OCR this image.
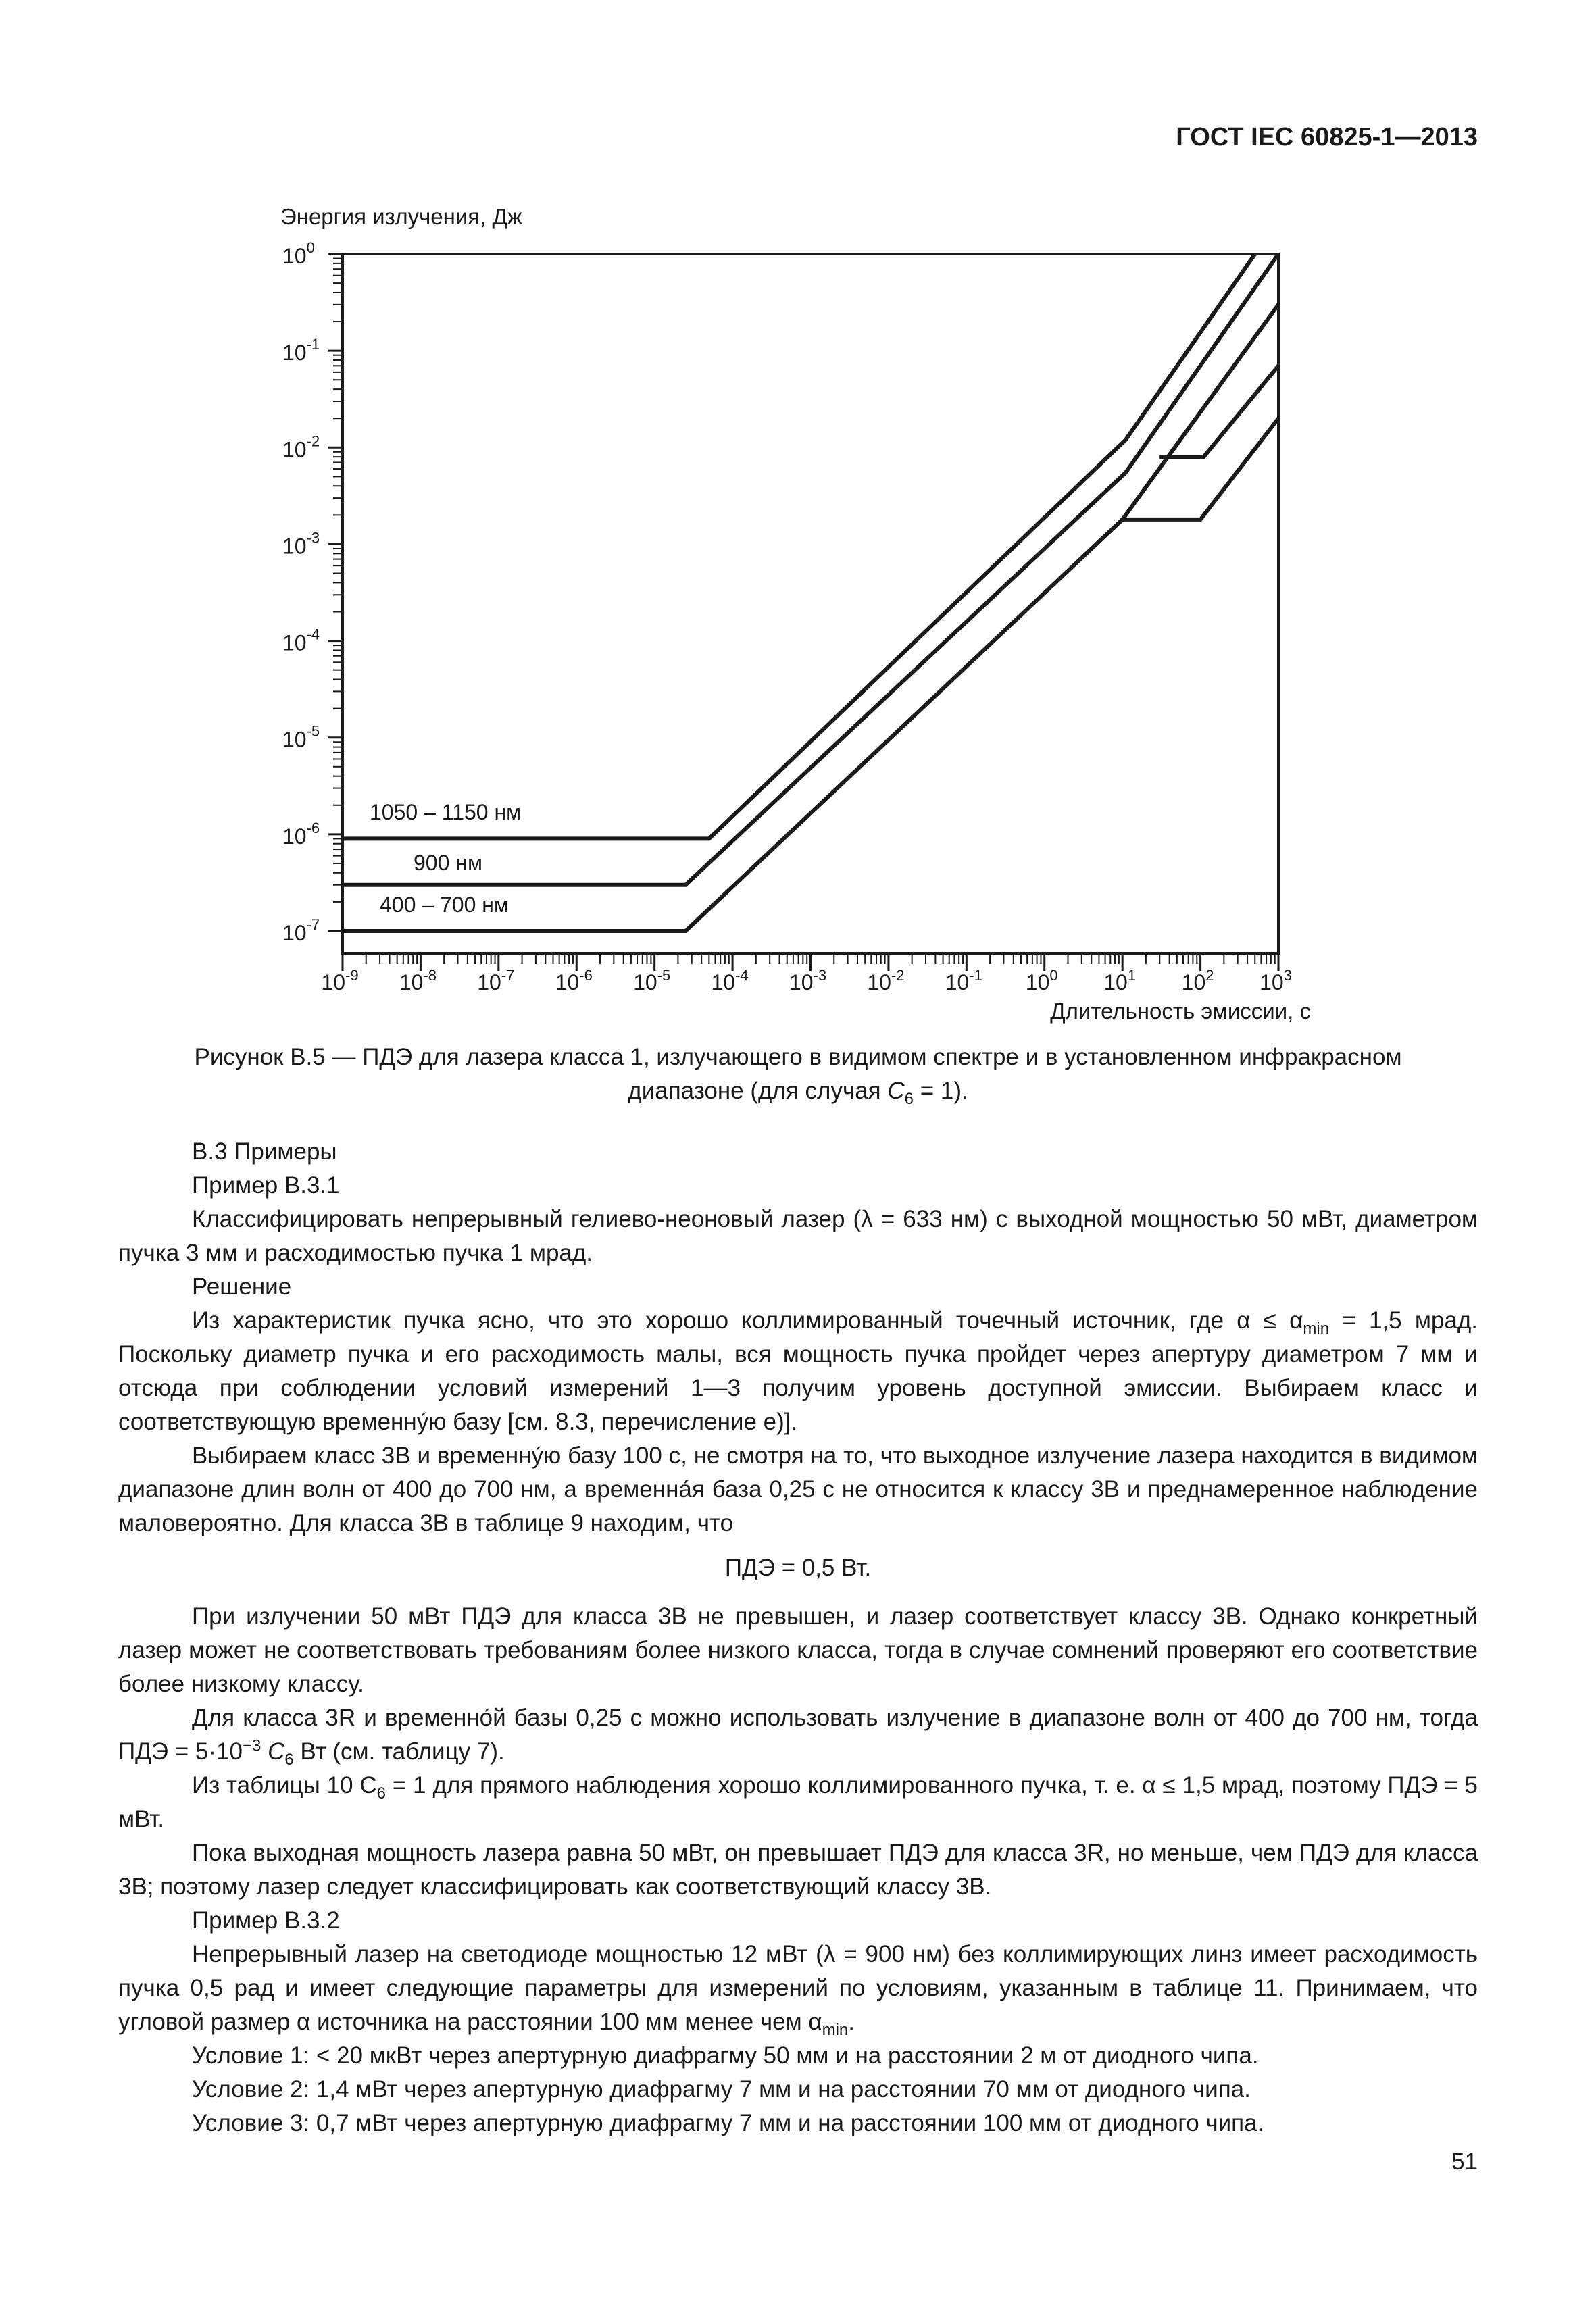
ГОСТ IEC 60825-1—2013
Энергия излучения, Дж
Длительность эмиссии, с
$10^{-9}$ $10^{-8}$ $10^{-7}$ $10^{-6}$ $10^{-5}$ $10^{-4}$ $10^{-3}$ $10^{-2}$ $10^{-1}$ $10^0$ $10^1$ $10^2$ $10^3$
$10^0$
$10^{-1}$
$10^{-2}$
$10^{-3}$
$10^{-4}$
$10^{-5}$
$10^{-6}$
$10^{-7}$
1050 – 1150 нм
900 нм
400 – 700 нм
Рисунок В.5 — ПДЭ для лазера класса 1, излучающего в видимом спектре и в установленном инфракрасном
диапазоне (для случая $C_6 = 1$).

В.3 Примеры

Пример В.3.1

Классифицировать непрерывный гелиево-неоновый лазер (λ = 633 нм) с выходной мощностью 50 мВт, диаметром пучка 3 мм и расходимостью пучка 1 мрад.

Решение

Из характеристик пучка ясно, что это хорошо коллимированный точечный источник, где $\alpha \le \alpha_{min} = 1,5$ мрад. Поскольку диаметр пучка и его расходимость малы, вся мощность пучка пройдет через апертуру диаметром 7 мм и отсюда при соблюдении условий измерений 1—3 получим уровень доступной эмиссии. Выбираем класс и соответствующую временну́ю базу [см. 8.3, перечисление е)].

Выбираем класс 3В и временну́ю базу 100 с, не смотря на то, что выходное излучение лазера находится в видимом диапазоне длин волн от 400 до 700 нм, а временна́я база 0,25 с не относится к классу 3В и преднамеренное наблюдение маловероятно. Для класса 3В в таблице 9 находим, что

ПДЭ = 0,5 Вт.

При излучении 50 мВт ПДЭ для класса 3В не превышен, и лазер соответствует классу 3В. Однако конкретный лазер может не соответствовать требованиям более низкого класса, тогда в случае сомнений проверяют его соответствие более низкому классу.

Для класса 3R и временно́й базы 0,25 с можно использовать излучение в диапазоне волн от 400 до 700 нм, тогда ПДЭ = $5\cdot 10^{-3}$ $C_6$ Вт (см. таблицу 7).

Из таблицы 10 $C_6 = 1$ для прямого наблюдения хорошо коллимированного пучка, т. е. α ≤ 1,5 мрад, поэтому ПДЭ = 5 мВт.

Пока выходная мощность лазера равна 50 мВт, он превышает ПДЭ для класса 3R, но меньше, чем ПДЭ для класса 3В; поэтому лазер следует классифицировать как соответствующий классу 3В.

Пример В.3.2

Непрерывный лазер на светодиоде мощностью 12 мВт (λ = 900 нм) без коллимирующих линз имеет расходимость пучка 0,5 рад и имеет следующие параметры для измерений по условиям, указанным в таблице 11. Принимаем, что угловой размер α источника на расстоянии 100 мм менее чем $\alpha_{min}$.

Условие 1: < 20 мкВт через апертурную диафрагму 50 мм и на расстоянии 2 м от диодного чипа.

Условие 2: 1,4 мВт через апертурную диафрагму 7 мм и на расстоянии 70 мм от диодного чипа.

Условие 3: 0,7 мВт через апертурную диафрагму 7 мм и на расстоянии 100 мм от диодного чипа.

51
